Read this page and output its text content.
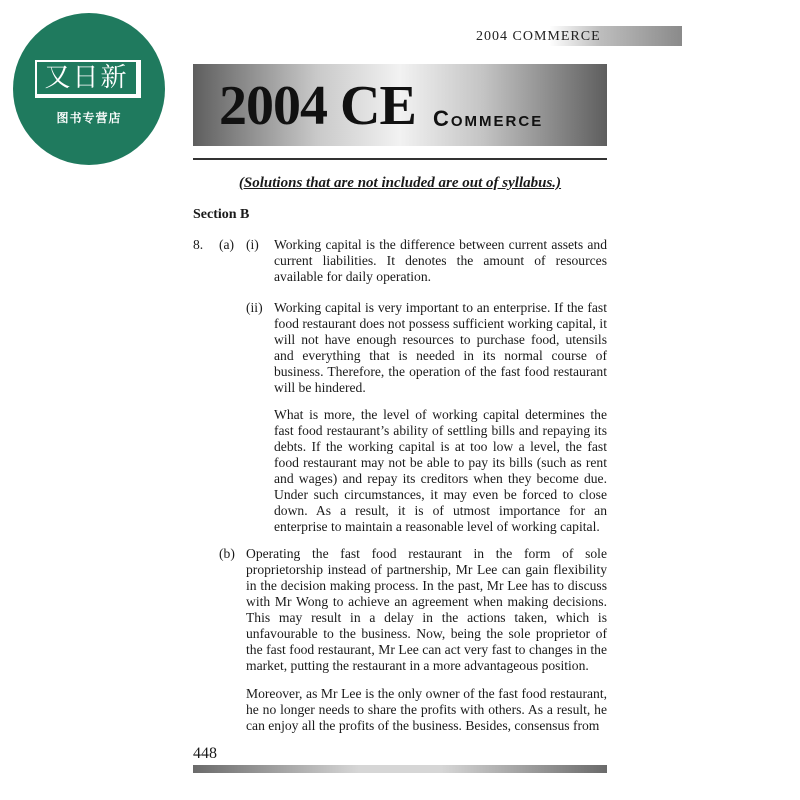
又日新
图书专营店
2004 COMMERCE
2004 CE Commerce
(Solutions that are not included are out of syllabus.)
Section B
8. (a) (i) Working capital is the difference between current assets and current liabilities. It denotes the amount of resources available for daily operation.

(ii) Working capital is very important to an enterprise. If the fast food restaurant does not possess sufficient working capital, it will not have enough resources to purchase food, utensils and everything that is needed in its normal course of business. Therefore, the operation of the fast food restaurant will be hindered.

What is more, the level of working capital determines the fast food restaurant’s ability of settling bills and repaying its debts. If the working capital is at too low a level, the fast food restaurant may not be able to pay its bills (such as rent and wages) and repay its creditors when they become due. Under such circumstances, it may even be forced to close down. As a result, it is of utmost importance for an enterprise to maintain a reasonable level of working capital.

(b) Operating the fast food restaurant in the form of sole proprietorship instead of partnership, Mr Lee can gain flexibility in the decision making process. In the past, Mr Lee has to discuss with Mr Wong to achieve an agreement when making decisions. This may result in a delay in the actions taken, which is unfavourable to the business. Now, being the sole proprietor of the fast food restaurant, Mr Lee can act very fast to changes in the market, putting the restaurant in a more advantageous position.

Moreover, as Mr Lee is the only owner of the fast food restaurant, he no longer needs to share the profits with others. As a result, he can enjoy all the profits of the business. Besides, consensus from

448
